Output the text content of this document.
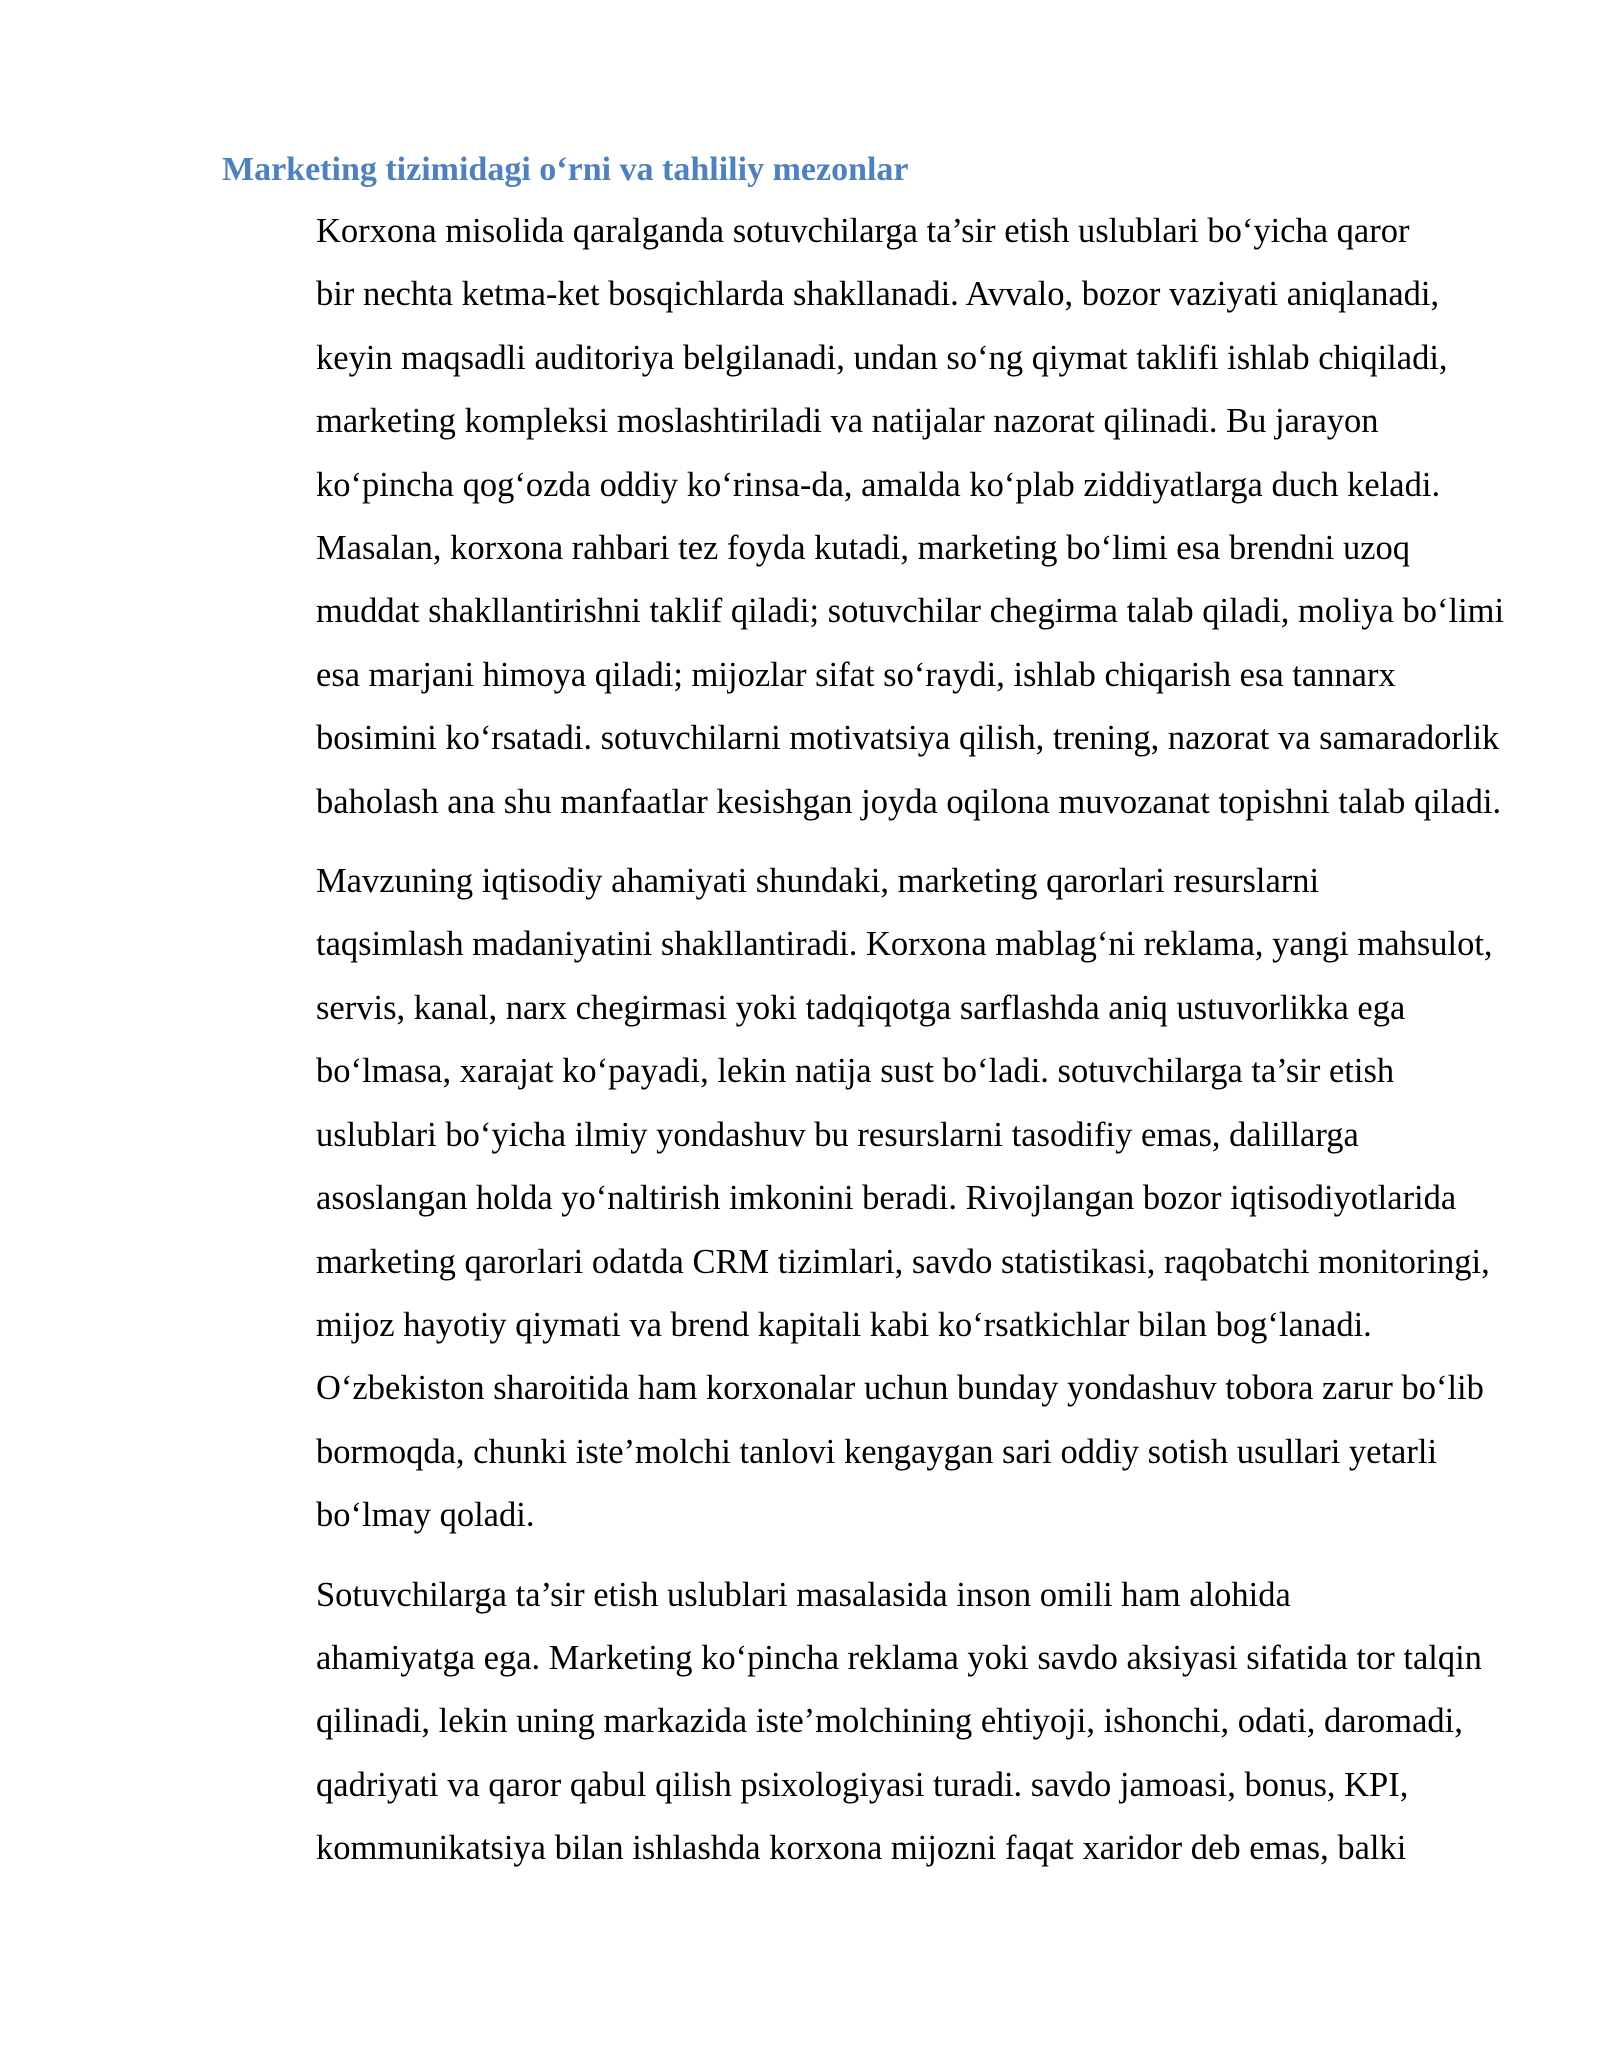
Marketing tizimidagi o‘rni va tahliliy mezonlar

Korxona misolida qaralganda sotuvchilarga ta’sir etish uslublari bo‘yicha qaror
bir nechta ketma-ket bosqichlarda shakllanadi. Avvalo, bozor vaziyati aniqlanadi,
keyin maqsadli auditoriya belgilanadi, undan so‘ng qiymat taklifi ishlab chiqiladi,
marketing kompleksi moslashtiriladi va natijalar nazorat qilinadi. Bu jarayon
ko‘pincha qog‘ozda oddiy ko‘rinsa-da, amalda ko‘plab ziddiyatlarga duch keladi.
Masalan, korxona rahbari tez foyda kutadi, marketing bo‘limi esa brendni uzoq
muddat shakllantirishni taklif qiladi; sotuvchilar chegirma talab qiladi, moliya bo‘limi
esa marjani himoya qiladi; mijozlar sifat so‘raydi, ishlab chiqarish esa tannarx
bosimini ko‘rsatadi. sotuvchilarni motivatsiya qilish, trening, nazorat va samaradorlik
baholash ana shu manfaatlar kesishgan joyda oqilona muvozanat topishni talab qiladi.

Mavzuning iqtisodiy ahamiyati shundaki, marketing qarorlari resurslarni
taqsimlash madaniyatini shakllantiradi. Korxona mablag‘ni reklama, yangi mahsulot,
servis, kanal, narx chegirmasi yoki tadqiqotga sarflashda aniq ustuvorlikka ega
bo‘lmasa, xarajat ko‘payadi, lekin natija sust bo‘ladi. sotuvchilarga ta’sir etish
uslublari bo‘yicha ilmiy yondashuv bu resurslarni tasodifiy emas, dalillarga
asoslangan holda yo‘naltirish imkonini beradi. Rivojlangan bozor iqtisodiyotlarida
marketing qarorlari odatda CRM tizimlari, savdo statistikasi, raqobatchi monitoringi,
mijoz hayotiy qiymati va brend kapitali kabi ko‘rsatkichlar bilan bog‘lanadi.
O‘zbekiston sharoitida ham korxonalar uchun bunday yondashuv tobora zarur bo‘lib
bormoqda, chunki iste’molchi tanlovi kengaygan sari oddiy sotish usullari yetarli
bo‘lmay qoladi.

Sotuvchilarga ta’sir etish uslublari masalasida inson omili ham alohida
ahamiyatga ega. Marketing ko‘pincha reklama yoki savdo aksiyasi sifatida tor talqin
qilinadi, lekin uning markazida iste’molchining ehtiyoji, ishonchi, odati, daromadi,
qadriyati va qaror qabul qilish psixologiyasi turadi. savdo jamoasi, bonus, KPI,
kommunikatsiya bilan ishlashda korxona mijozni faqat xaridor deb emas, balki
